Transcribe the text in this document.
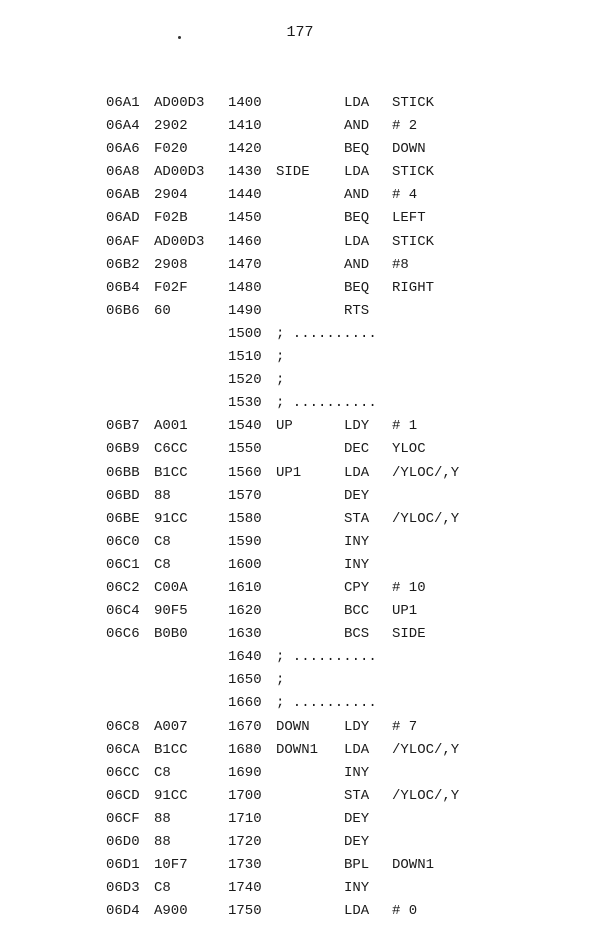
177
06A1 AD00D3 1400	LDA STICK
06A4 2902	1410	AND # 2
06A6 F020	1420	BEQ DOWN
06A8 AD00D3 1430 SIDE LDA STICK
06AB 2904	1440	AND # 4
06AD F02B	1450	BEQ LEFT
06AF AD00D3 1460	LDA STICK
06B2 2908	1470	AND #8
06B4 F02F	1480	BEQ RIGHT
06B6 60	1490	RTS
1500 ; ..........
1510 ;
1520 ;
1530 ; ..........
06B7 A001	1540 UP	LDY # 1
06B9 C6CC	1550	DEC YLOC
06BB B1CC	1560 UP1	LDA /YLOC/,Y
06BD 88	1570	DEY
06BE 91CC	1580	STA /YLOC/,Y
06C0 C8	1590	INY
06C1 C8	1600	INY
06C2 C00A	1610	CPY # 10
06C4 90F5	1620	BCC UP1
06C6 B0B0	1630	BCS SIDE
1640 ; ..........
1650 ;
1660 ; ..........
06C8 A007	1670 DOWN LDY # 7
06CA B1CC	1680 DOWN1 LDA /YLOC/,Y
06CC C8	1690	INY
06CD 91CC	1700	STA /YLOC/,Y
06CF 88	1710	DEY
06D0 88	1720	DEY
06D1 10F7	1730	BPL DOWN1
06D3 C8	1740	INY
06D4 A900	1750	LDA # 0
